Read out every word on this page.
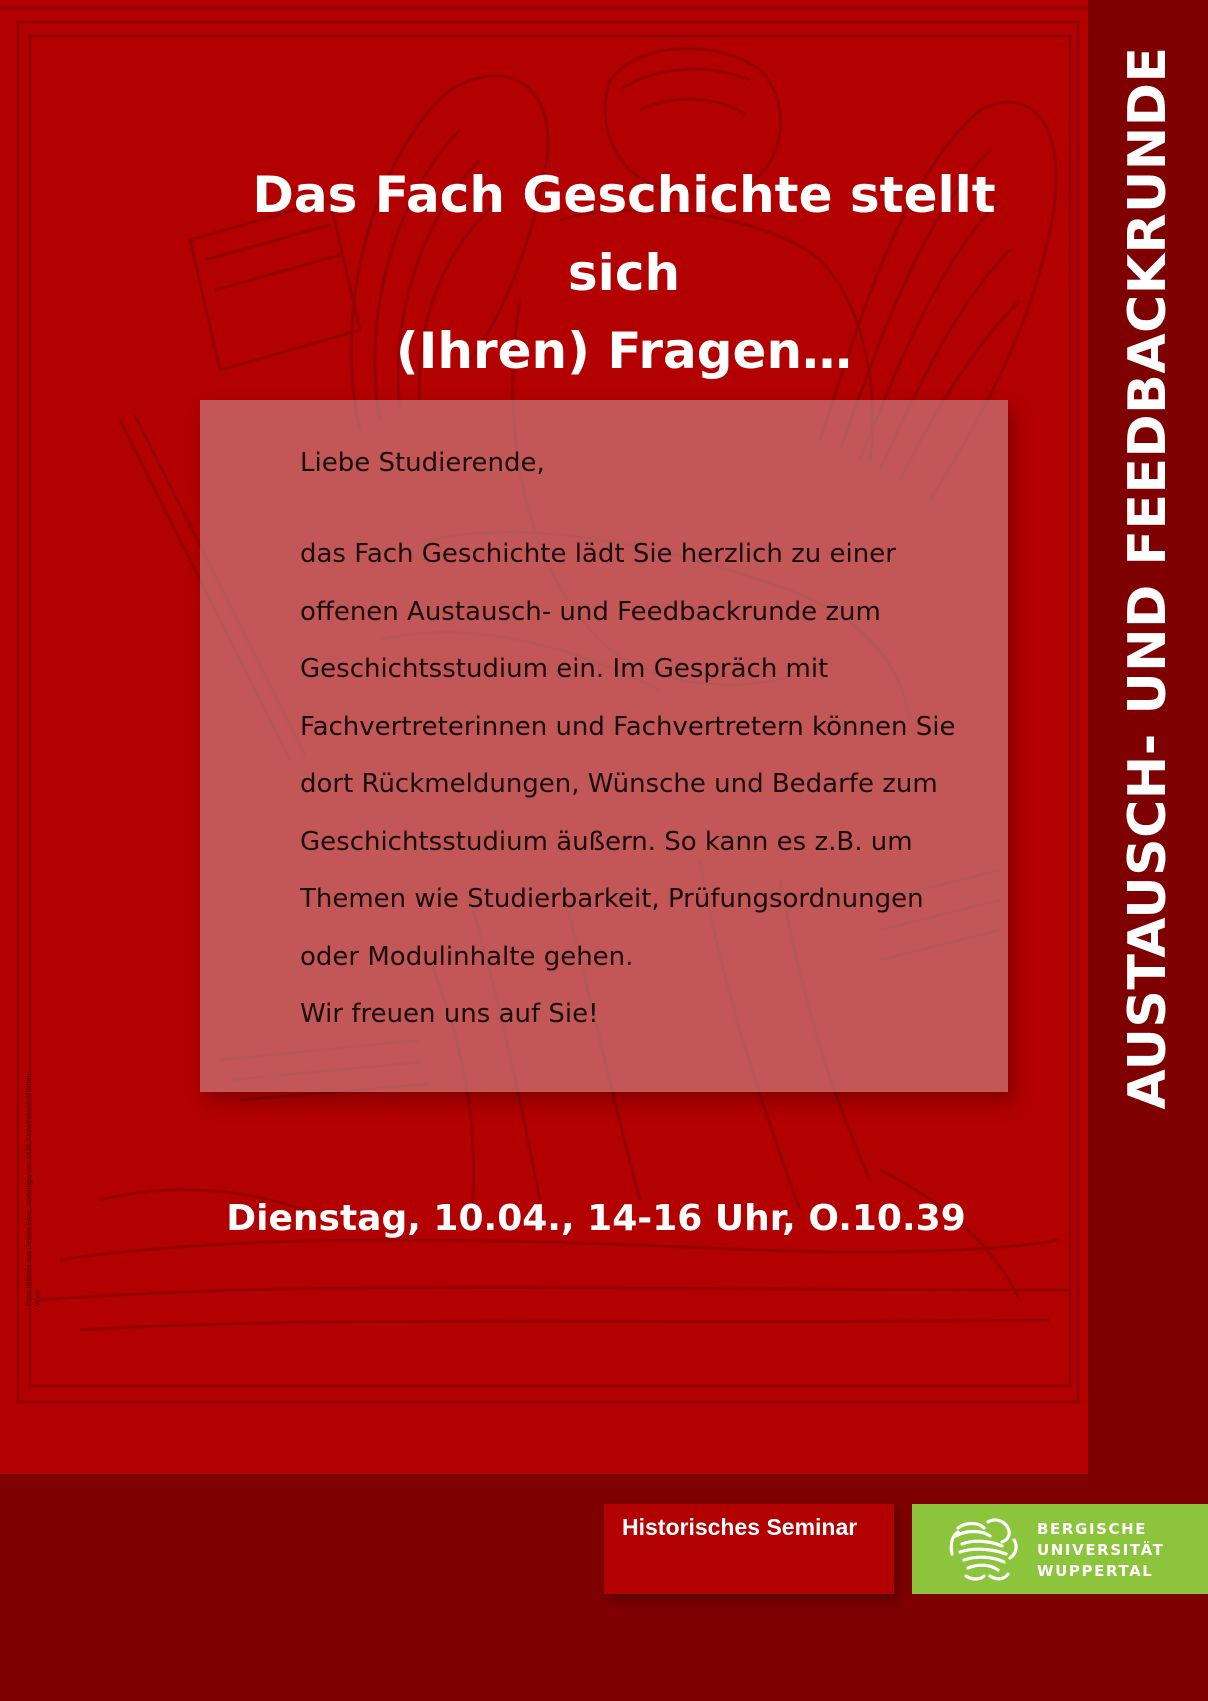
Das Fach Geschichte stellt sich
(Ihren) Fragen…
Liebe Studierende,
das Fach Geschichte lädt Sie herzlich zu einer
offenen Austausch- und Feedbackrunde zum
Geschichtsstudium ein. Im Gespräch mit
Fachvertreterinnen und Fachvertretern können Sie
dort Rückmeldungen, Wünsche und Bedarfe zum
Geschichtsstudium äußern. So kann es z.B. um
Themen wie Studierbarkeit, Prüfungsordnungen
oder Modulinhalte gehen.
Wir freuen uns auf Sie!
Dienstag, 10.04., 14-16 Uhr, O.10.39
Foto: Historia aus Cesare Ripa, Iconologia von 1626, Universitätsbibliothek Wien
AUSTAUSCH- UND FEEDBACKRUNDE
Historisches Seminar	BERGISCHE
UNIVERSITÄT
WUPPERTAL
